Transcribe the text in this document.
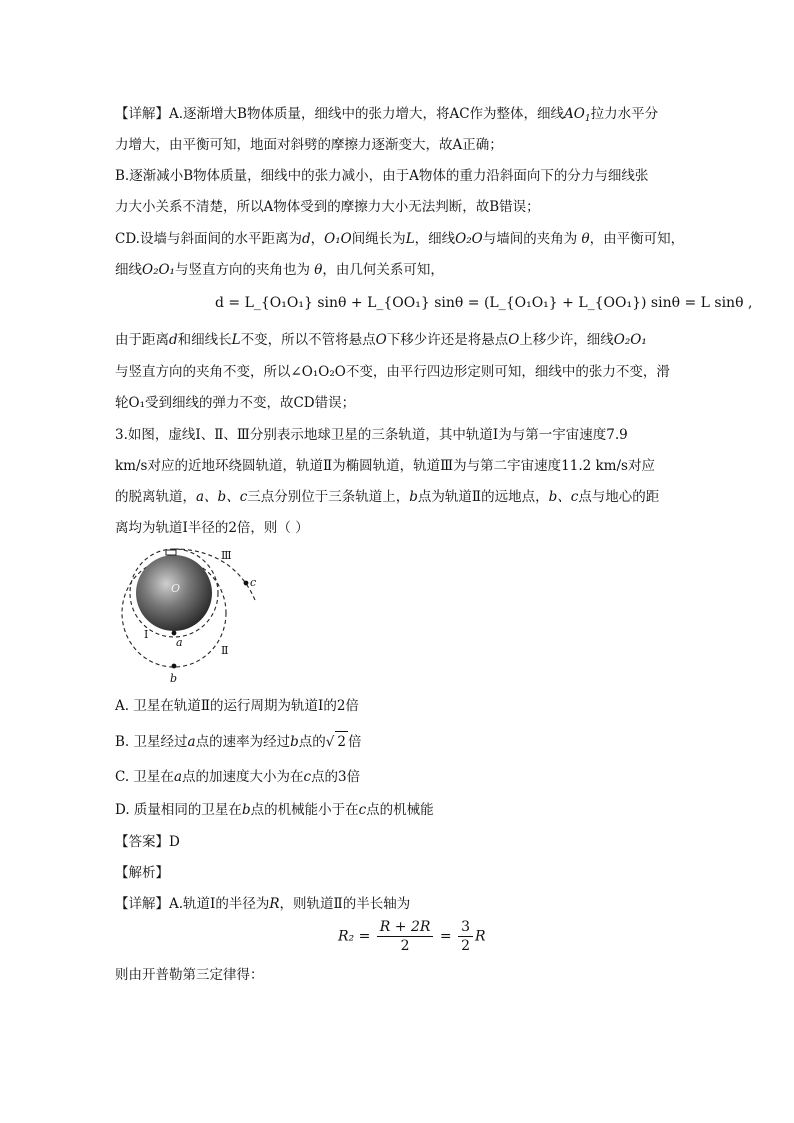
【详解】A.逐渐增大B物体质量，细线中的张力增大，将AC作为整体，细线$AO_1$拉力水平分
力增大，由平衡可知，地面对斜劈的摩擦力逐渐变大，故A正确；
B.逐渐减小B物体质量，细线中的张力减小，由于A物体的重力沿斜面向下的分力与细线张
力大小关系不清楚，所以A物体受到的摩擦力大小无法判断，故B错误；
CD.设墙与斜面间的水平距离为d，O₁O间绳长为L，细线O₂O与墙间的夹角为 θ，由平衡可知，
细线O₂O₁与竖直方向的夹角也为 θ，由几何关系可知，
d = L_{O₁O₁} sinθ + L_{OO₁} sinθ = (L_{O₁O₁} + L_{OO₁}) sinθ = L sinθ ,
由于距离d和细线长L不变，所以不管将悬点O下移少许还是将悬点O上移少许，细线O₂O₁
与竖直方向的夹角不变，所以∠O₁O₂O不变，由平行四边形定则可知，细线中的张力不变，滑
轮O₁受到细线的弹力不变，故CD错误；
3.如图，虚线Ⅰ、Ⅱ、Ⅲ分别表示地球卫星的三条轨道，其中轨道Ⅰ为与第一宇宙速度7.9
km/s对应的近地环绕圆轨道，轨道Ⅱ为椭圆轨道，轨道Ⅲ为与第二宇宙速度11.2 km/s对应
的脱离轨道，a、b、c三点分别位于三条轨道上，b点为轨道Ⅱ的远地点，b、c点与地心的距
离均为轨道Ⅰ半径的2倍，则（ ）
O
Ⅲ
Ⅱ
Ⅰ
a
b
c
A. 卫星在轨道Ⅱ的运行周期为轨道Ⅰ的2倍
B. 卫星经过a点的速率为经过b点的√ 2 倍
C. 卫星在a点的加速度大小为在c点的3倍
D. 质量相同的卫星在b点的机械能小于在c点的机械能
【答案】D
【解析】
【详解】A.轨道Ⅰ的半径为R，则轨道Ⅱ的半长轴为
$R_2 = \frac{R + 2R}{2} = \frac{3}{2}$ R
则由开普勒第三定律得：
